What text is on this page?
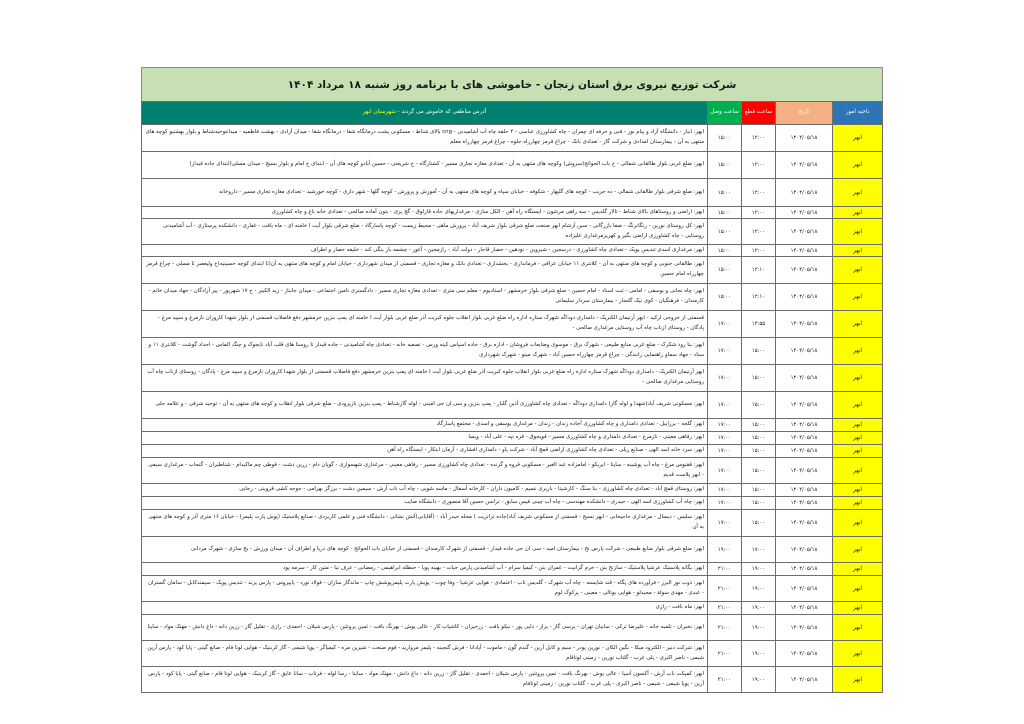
شرکت توزیع نیروی برق استان زنجان - خاموشی های با برنامه روز شنبه ۱۸ مرداد ۱۴۰۴
ناحیه امور	تاریخ	ساعت قطع	ساعت وصل	آدرس مناطقی که خاموش می گردند - شهرستان ابهر
ابهر	۱۴۰۴/۰۵/۱۸	۱۲:۰۰	۱۵:۰۰	ابهر: انبار - دانشگاه آزاد و پیام نور - فنی و حرفه ای چمران - چاه کشاورزی عباسی - ۴ حلقه چاه آب آشامیدنی - cng بالای شناط - مسکونی پشت درمانگاه شفا - درمانگاه شفا - میدان آزادی - بهشت فاطمیه - میدانتوحیدشناط و بلوار بهشتیو کوچه های منتهی به آن - بیمارستان امدادی و شرکت گاز - تعدادی بانک - چراغ قرمز چهارراه جلوه - چراغ قرمز چهارراه معلم
ابهر	۱۴۰۴/۰۵/۱۸	۱۲:۰۰	۱۵:۰۰	ابهر: ضلع غربی بلوار طالقانی شمالی - خ باب الحوائج(سروش) وکوچه های منتهی به آن - تعدادی مغازه تجاری مسیر - کشتارگاه - خ شریعتی - حسین آبادو کوچه های آن - ابتدای خ امام و بلوار بسیج - میدان مسلی(ابتدای جاده قیدار)
ابهر	۱۴۰۴/۰۵/۱۸	۱۲:۰۰	۱۵:۰۰	ابهر: ضلع شرقی بلوار طالقانی شمالی - ده جریب - کوچه های گلپهار - شکوفه - خیابان سپاه و کوچه های منتهی به آن - آموزش و پرورش - کوچه گلها - شهر داری - کوچه خورشید - تعدادی مغازه تجاری مسیر - داروخانه
ابهر	۱۴۰۴/۰۵/۱۸	۱۲:۰۰	۱۵:۰۰	ابهر: اراضی و روستاهای بالای شناط - تالار گلدیس - سه راهی مرشون - ایستگاه راه آهن - الکل سازی - مرغداریهای جاده قارلوق - گچ پزی - بتون آماده صالحی - تعدادی خانه باغ و چاه کشاورزی
ابهر	۱۴۰۴/۰۵/۱۸	۱۲:۰۰	۱۵:۰۰	ابهر: کل روستای نورین - رنگانرنگ - صفا بازرگانی - سین آرشام ابهر صنعت ضلع شرقی بلوار شریف آباد - پرورش ماهی - محیط زیست - کوچه پاسارگاد - ضلع شرقی بلوار آیت ا خامنه ای - ماه بافت - غفاری - دانشکده پرستاری - آب آشامیدنی روستایی - چاه کشاورزی اراضی بگیر و کهریزمرغداری علیزاده
ابهر	۱۴۰۴/۰۵/۱۸	۱۲:۰۰	۱۵:۰۰	ابهر: مرغداری اسدی تندیس پویک - تعدادی چاه کشاورزی - درسجین - شیروین - نودهین - حصار قاجار - دولت آباد - رازمجین - آغور - چشمه بار ینگی کند - خلیفه حصار و اطراف
ابهر	۱۴۰۴/۰۵/۱۸	۱۲:۱۰	۱۵:۰۰	ابهر: طالقانی جنوبی و کوچه های منتهی به آن - کلانتری ۱۱ خیابان عراقی - فرمانداری - بخشداری - تعدادی بانک و مغازه تجاری - قسمتی از میدان شهرداری - خیابان امام و کوچه های منتهی به آن(تا ابتدای کوچه حسینیه)خ ولیعصر تا مسلی - چراغ قرمز چهارراه امام حسین
ابهر	۱۴۰۴/۰۵/۱۸	۱۲:۱۰	۱۵:۰۰	ابهر: چاه نجاتی و یوسفی - امامی - ثبت اسناد - امام حسین - ضلع شرقی بلوار خرمشهر - استادیوم - معلم سی متری - تعدادی مغازه تجاری مسیر - دادگستری تامین اجتماعی - میدان جانباز - زید الکبیر - خ ۱۷ شهریور - پیر آزادگان - جهاد میدان خاتم - کارمندان - فرهنگیان - کوی نیک گلسار - بیمارستان سردار سلیمانی
ابهر	۱۴۰۴/۰۵/۱۸	۱۴:۵۵	۱۷:۰۰	قسمتی از خروجی ارکید - ابهر آرتیمان الکتریک - دامداری دوداڭه شهرک ستاره اداره راه ضلع غربی بلوار انقلاب جلوه کبریت آذر ضلع غربی بلوار آیت ا خامنه ای پمپ بنزین خرمشهر دفع فاضلاب قسمتی از بلوار شهدا کاروزان نازمرغ و سپید مرغ - پادگان - روستای ازناب چاه آب روستایی مرغداری صالحی -
ابهر	۱۴۰۴/۰۵/۱۸	۱۵:۰۰	۱۷:۰۰	ابهر: بنا رود شکرک - ضلع غربی منابع طبیعی - شهرک برق - موسوی وضایعات فروشان - اداره برق - جاده اسپاس کینه ورس - تصفیه خانه - تعدادی چاه آشامیدنی - جاده قیدار تا روستا های قلب آباد نابجوک و چنگ الماس - اجداد گوشت - کلانتری ۱۱ و ستاد - جهاد سماو راهنمایی رانندگی - چراغ قرمز چهارراه حسین آباد - شهرک مینو - شهرک شهرداری
ابهر	۱۴۰۴/۰۵/۱۸	۱۵:۰۰	۱۷:۰۰	ابهر آرتیمان الکتریک - دامداری دوداڭه شهرک ستاره اداره راه ضلع غربی بلوار انقلاب جلوه کبریت آذر ضلع غربی بلوار آیت ا خامنه ای پمپ بنزین خرمشهر دفع فاضلاب قسمتی از بلوار شهدا کاروزان نازمرغ و سپید مرغ - پادگان - روستای ازناب چاه آب روستایی مرغداری صالحی -
ابهر	۱۴۰۴/۰۵/۱۸	۱۵:۰۰	۱۷:۰۰	ابهر: مسکونی شریف آباد(شهدا و لوله گاز) دامداری دوداڭه - تعدادی چاه کشاورزی آذین گلبار - پمپ بنزین و سی ان جی امینی - لوله گازشناط - پمپ بنزین نازپرودی - ضلع شرقی بلوار انقلاب و کوچه های منتهی به آن - توحید شرقی - و علامه حلی
ابهر	۱۴۰۴/۰۵/۱۸	۱۵:۰۰	۱۷:۰۰	ابهر: گلجه - برزابیل - تعدادی دامداری و چاه کشاورزی آجاده زندان - زندان - مرغداری یوسفی و اسدی - مجتمع پاسارگاد
ابهر	۱۴۰۴/۰۵/۱۸	۱۵:۰۰	۱۷:۰۰	ابهر: رفاهی معینی - نازمرغ - تعدادی دامداری و چاه کشاورزی مسیر - قویجوق - قره تپه - علی آباد - ویسا
ابهر	۱۴۰۴/۰۵/۱۸	۱۵:۰۰	۱۷:۰۰	ابهر: سرد خانه اسد الهی - صنایع ریلی - تعدادی چاه کشاورزی اراضی قمچ آباد - شرکت پاو - دامداری افشاری - آرمان ابتکار - ایستگاه راه آهن
ابهر	۱۴۰۴/۰۵/۱۸	۱۵:۰۰	۱۷:۰۰	ابهر: ققنوس مرغ - چاه آب پوشینه - ساینا - ایریکو - امامزاده عبد الغیر - مسکونی قروه و گرنده - تعدادی چاه کشاورزی مسیر - رفاهی معینی - مرغداری شهسواری - گوپان دام - زرین دشت - قوطی چم ماکیدام - شناطیران - گنجاب - مرغداری سیفی - ابهر پلاست قدیم
ابهر	۱۴۰۴/۰۵/۱۸	۱۵:۰۰	۱۷:۰۰	ابهر: روستای قمچ آباد - تعدادی چاه کشاورزی - بنا سنگ - کارشینا - باربری نسیم - کامیون داران - کارخانه آسفال - ماسه شویی - چاه آب ناب آرش - سیمین دشت - برزگز بهرامی - جوجه کشی قزوینی - رجایی
ابهر	۱۴۰۴/۰۵/۱۸	۱۵:۰۰	۱۷:۰۰	ابهر: چاه آب کشاورزی اسد الهی - حیدری - دانشکده مهندسی - چاه آب چینی فیس سابق - ترانس حسین آقا منصوری - دانشگاه صایب
ابهر	۱۴۰۴/۰۵/۱۸	۱۵:۰۰	۱۷:۰۰	ابهر: سلیس - دیسال - مرغداری حاجیخانی - ابهر نسیج - قسمتی از مسکونی شریف آباد(جاده ترانزیت ) محله حیدر آباد - (آقایانی)آتش نشانی - دانشگاه فنی و علمی کاربردی - صنایع پلاستیک (پوش پارت پلیمر) - خیابان ۱۶ متری آذر و کوچه های منتهی به آن
ابهر	۱۴۰۴/۰۵/۱۸	۱۷:۰۰	۱۹:۰۰	ابهر: ضلع شرقی بلوار منابع طبیعی - شرکت پارس نخ - بیمارستان امید - سی ان جی جاده قیدار - قسمتی از شهرک کارمندان - قسمتی از خیابان باب الحوائج - کوچه های دریا و اطراف آن - میدان ورزش - یخ سازی - شهرک مردانی
ابهر	۱۴۰۴/۰۵/۱۸	۱۹:۰۰	۲۱:۰۰	ابهر: یگانه پلاستیک عرشیا پلاستیک - سازنخ بتن - خرم گرانیت - عمران بتن - کیمیا سرام - آب آشامیدنی پارس حیات - بهینه پویا - حنظله ابراهیمی - رمضانی - عرف نیا - متین کار - سرمه پود
ابهر	۱۴۰۴/۰۵/۱۸	۱۹:۰۰	۲۱:۰۰	ابهر: ذوب نور البرز - فرآورده های پگاه - قند شایسته - چاه آب شهرک - گلدیس تاب - اعتمادی - هوایی عرشیا - وفا چوب - پویش پارت پلیمرپوشش چاپ - ماندگار سازان - فولاد نورد - پاپیروس - پارس پرند - تندیس پویک - سیمندکابل - سامان گستران - عبدی - مهدی سولة - مجیدلو - هوایی بوتالی - معینی - پرکوک لوم
ابهر	۱۴۰۴/۰۵/۱۸	۱۹:۰۰	۲۱:۰۰	ابهر: ماه بافت - رازی
ابهر	۱۴۰۴/۰۵/۱۸	۱۹:۰۰	۲۱:۰۰	ابهر: نخیران - تلمبه خانه - علیرضا ترکی - سایبان تهران - پرسی گاز - بزاز - دایی پور - نیکو بافت - زرخیزان - کاشیاب کار - عالی پوش - بهرنگ بافت - ثمین پروتئین - پارس شیلان - احمدی - رازی - تقلیل گاز - زرین دانه - داغ دانش - مهتک مواد - ساینا
ابهر	۱۴۰۴/۰۵/۱۸	۱۹:۰۰	۲۱:۰۰	ابهر: شرکت دنیز - الکترود میکا - نگین الکان - نورین پودر - سیم و کابل آرین - گندم گون - ماموت - آپادانا - فرش گنجینه - پلیمر مروارید - فوم صنعت - شیرین مزه - کیمیاگر - پویا شیمی - گاز کربنیک - هوایی لوتا فام - صانع گیتی - پایا کود - پارس آرین شیمی - ناصر اکبری - پلی غرب - گلتاب نورین - زمینی لوتافام
ابهر	۱۴۰۴/۰۵/۱۸	۱۹:۰۰	۲۱:۰۰	ابهر: کمپکت ناب آرش - آکسون آسیا - عالی پوش - بهرنگ بافت - ثمین پروتئین - پارس شیلان - احمدی - تقلیل گاز - زرین دانه - داغ دانش - مهتک مواد - ساینا - رسا لوله - فرتاب - سانا عایق - گاز کربنیک - هوایی لوتا فام - صانع گیتی - پایا کود - پارس آرین - پویا شیمی - شیمی - ناصر اکبری - پلی غرب - گلتاب نورین - زمینی لوتافام
